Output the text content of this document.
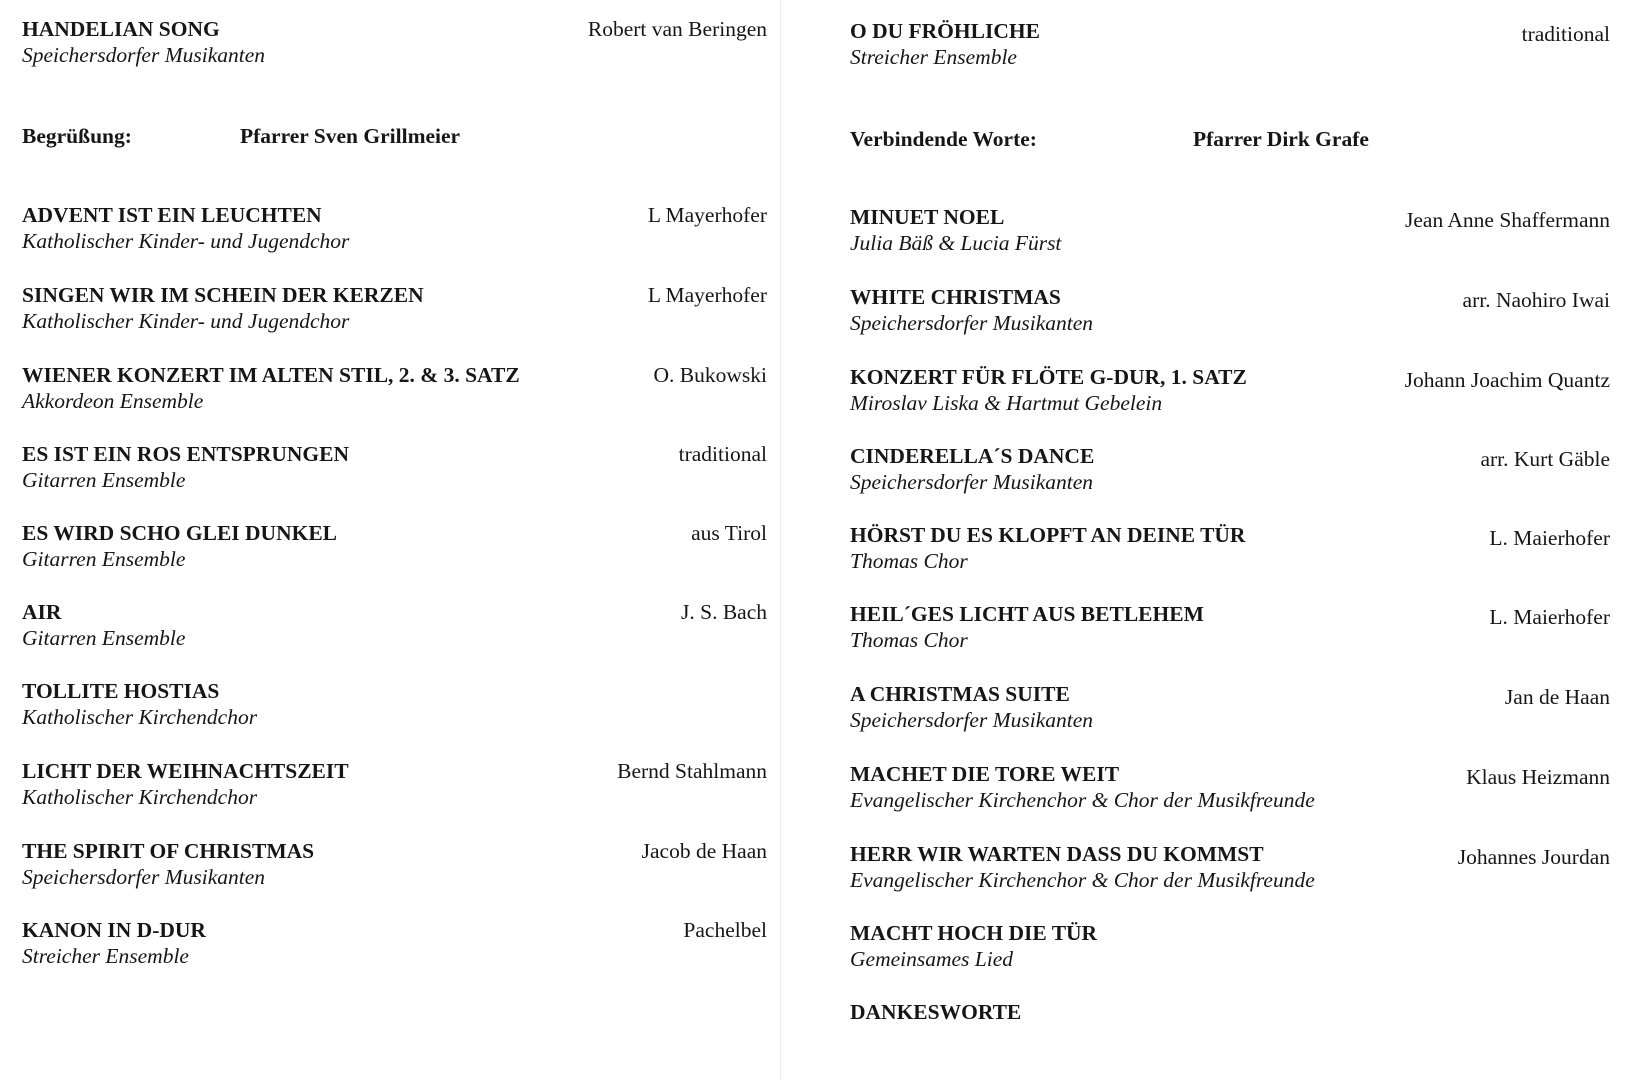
HANDELIAN SONG
Speichersdorfer Musikanten
Robert van Beringen
Begrüßung:	Pfarrer Sven Grillmeier
ADVENT IST EIN LEUCHTEN
Katholischer Kinder- und Jugendchor
L Mayerhofer
SINGEN WIR IM SCHEIN DER KERZEN
Katholischer Kinder- und Jugendchor
L Mayerhofer
WIENER KONZERT IM ALTEN STIL, 2. & 3. SATZ
Akkordeon Ensemble
O. Bukowski
ES IST EIN ROS ENTSPRUNGEN
Gitarren Ensemble
traditional
ES WIRD SCHO GLEI DUNKEL
Gitarren Ensemble
aus Tirol
AIR
Gitarren Ensemble
J. S. Bach
TOLLITE HOSTIAS
Katholischer Kirchendchor
LICHT DER WEIHNACHTSZEIT
Katholischer Kirchendchor
Bernd Stahlmann
THE SPIRIT OF CHRISTMAS
Speichersdorfer Musikanten
Jacob de Haan
KANON IN D-DUR
Streicher Ensemble
Pachelbel
O DU FRÖHLICHE
Streicher Ensemble
traditional
Verbindende Worte:	Pfarrer Dirk Grafe
MINUET NOEL
Julia Bäß & Lucia Fürst
Jean Anne Shaffermann
WHITE CHRISTMAS
Speichersdorfer Musikanten
arr. Naohiro Iwai
KONZERT FÜR FLÖTE G-DUR, 1. SATZ
Miroslav Liska & Hartmut Gebelein
Johann Joachim Quantz
CINDERELLA´S DANCE
Speichersdorfer Musikanten
arr. Kurt Gäble
HÖRST DU ES KLOPFT AN DEINE TÜR
Thomas Chor
L. Maierhofer
HEIL´GES LICHT AUS BETLEHEM
Thomas Chor
L. Maierhofer
A CHRISTMAS SUITE
Speichersdorfer Musikanten
Jan de Haan
MACHET DIE TORE WEIT
Evangelischer Kirchenchor & Chor der Musikfreunde
Klaus Heizmann
HERR WIR WARTEN DASS DU KOMMST
Evangelischer Kirchenchor & Chor der Musikfreunde
Johannes Jourdan
MACHT HOCH DIE TÜR
Gemeinsames Lied
DANKESWORTE
